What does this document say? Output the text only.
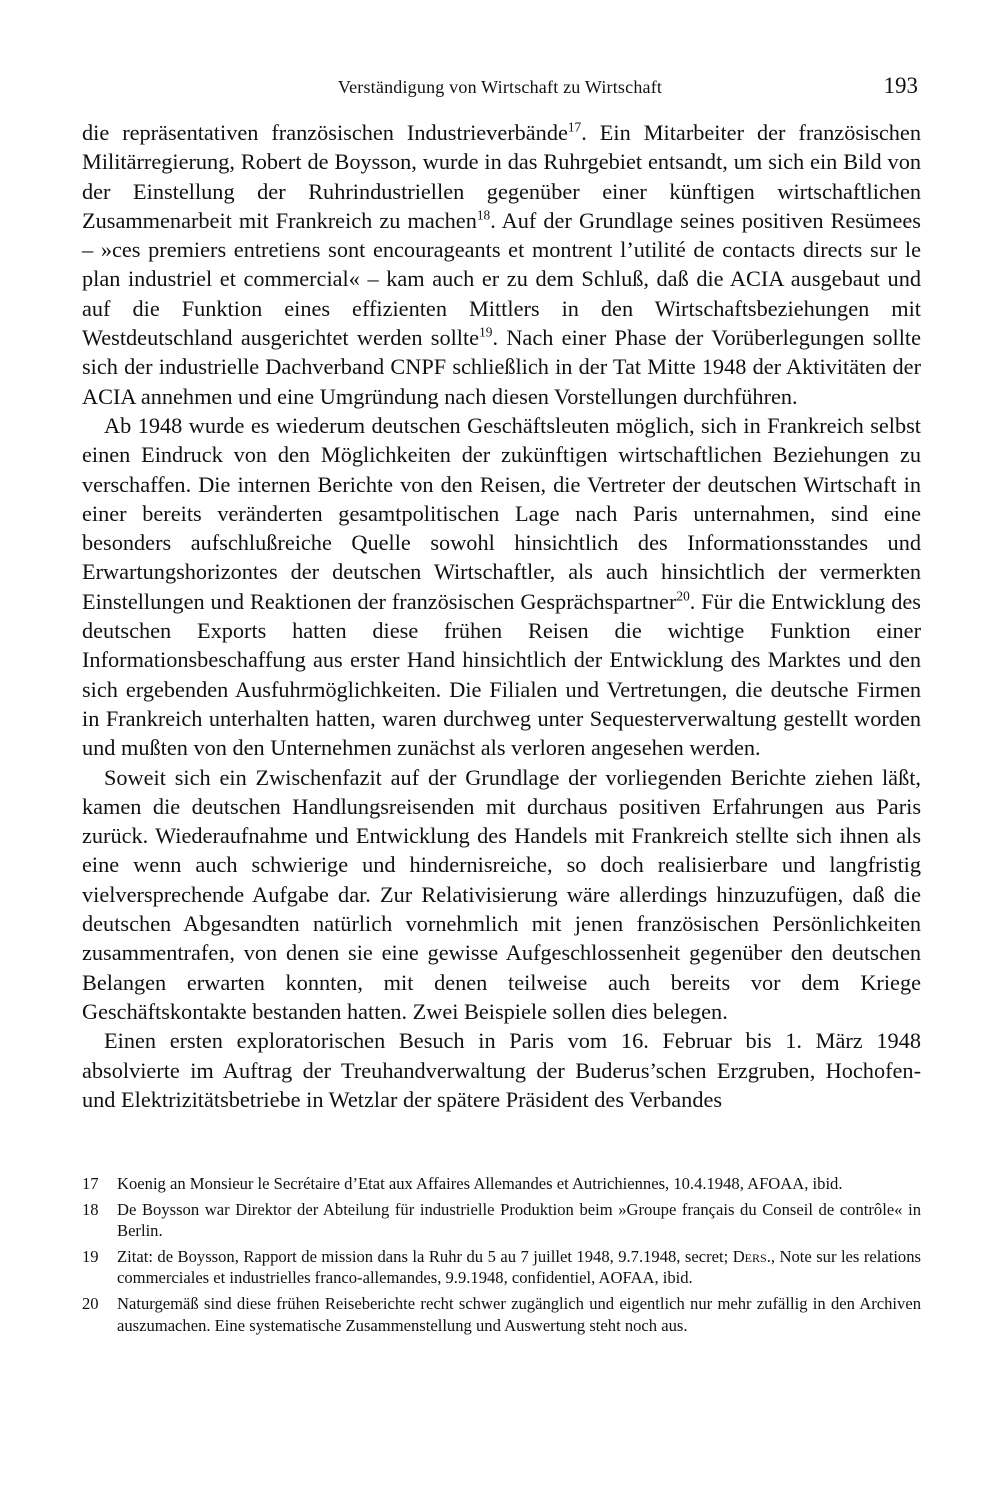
Verständigung von Wirtschaft zu Wirtschaft	193

die repräsentativen französischen Industrieverbände$^{17}$. Ein Mitarbeiter der französischen Militärregierung, Robert de Boysson, wurde in das Ruhrgebiet entsandt, um sich ein Bild von der Einstellung der Ruhrindustriellen gegenüber einer künftigen wirtschaftlichen Zusammenarbeit mit Frankreich zu machen$^{18}$. Auf der Grundlage seines positiven Resümees – »ces premiers entretiens sont encourageants et montrent l’utilité de contacts directs sur le plan industriel et commercial« – kam auch er zu dem Schluß, daß die ACIA ausgebaut und auf die Funktion eines effizienten Mittlers in den Wirtschaftsbeziehungen mit Westdeutschland ausgerichtet werden sollte$^{19}$. Nach einer Phase der Vorüberlegungen sollte sich der industrielle Dachverband CNPF schließlich in der Tat Mitte 1948 der Aktivitäten der ACIA annehmen und eine Umgründung nach diesen Vorstellungen durchführen.

Ab 1948 wurde es wiederum deutschen Geschäftsleuten möglich, sich in Frankreich selbst einen Eindruck von den Möglichkeiten der zukünftigen wirtschaftlichen Beziehungen zu verschaffen. Die internen Berichte von den Reisen, die Vertreter der deutschen Wirtschaft in einer bereits veränderten gesamtpolitischen Lage nach Paris unternahmen, sind eine besonders aufschlußreiche Quelle sowohl hinsichtlich des Informationsstandes und Erwartungshorizontes der deutschen Wirtschaftler, als auch hinsichtlich der vermerkten Einstellungen und Reaktionen der französischen Gesprächspartner$^{20}$. Für die Entwicklung des deutschen Exports hatten diese frühen Reisen die wichtige Funktion einer Informationsbeschaffung aus erster Hand hinsichtlich der Entwicklung des Marktes und den sich ergebenden Ausfuhrmöglichkeiten. Die Filialen und Vertretungen, die deutsche Firmen in Frankreich unterhalten hatten, waren durchweg unter Sequesterverwaltung gestellt worden und mußten von den Unternehmen zunächst als verloren angesehen werden.

Soweit sich ein Zwischenfazit auf der Grundlage der vorliegenden Berichte ziehen läßt, kamen die deutschen Handlungsreisenden mit durchaus positiven Erfahrungen aus Paris zurück. Wiederaufnahme und Entwicklung des Handels mit Frankreich stellte sich ihnen als eine wenn auch schwierige und hindernisreiche, so doch realisierbare und langfristig vielversprechende Aufgabe dar. Zur Relativisierung wäre allerdings hinzuzufügen, daß die deutschen Abgesandten natürlich vornehmlich mit jenen französischen Persönlichkeiten zusammentrafen, von denen sie eine gewisse Aufgeschlossenheit gegenüber den deutschen Belangen erwarten konnten, mit denen teilweise auch bereits vor dem Kriege Geschäftskontakte bestanden hatten. Zwei Beispiele sollen dies belegen.

Einen ersten exploratorischen Besuch in Paris vom 16. Februar bis 1. März 1948 absolvierte im Auftrag der Treuhandverwaltung der Buderus’schen Erzgruben, Hochofen- und Elektrizitätsbetriebe in Wetzlar der spätere Präsident des Verbandes

17 Koenig an Monsieur le Secrétaire d’Etat aux Affaires Allemandes et Autrichiennes, 10.4.1948, AFOAA, ibid.
18 De Boysson war Direktor der Abteilung für industrielle Produktion beim »Groupe français du Conseil de contrôle« in Berlin.
19 Zitat: de Boysson, Rapport de mission dans la Ruhr du 5 au 7 juillet 1948, 9.7.1948, secret; Ders., Note sur les relations commerciales et industrielles franco-allemandes, 9.9.1948, confidentiel, AOFAA, ibid.
20 Naturgemäß sind diese frühen Reiseberichte recht schwer zugänglich und eigentlich nur mehr zufällig in den Archiven auszumachen. Eine systematische Zusammenstellung und Auswertung steht noch aus.
